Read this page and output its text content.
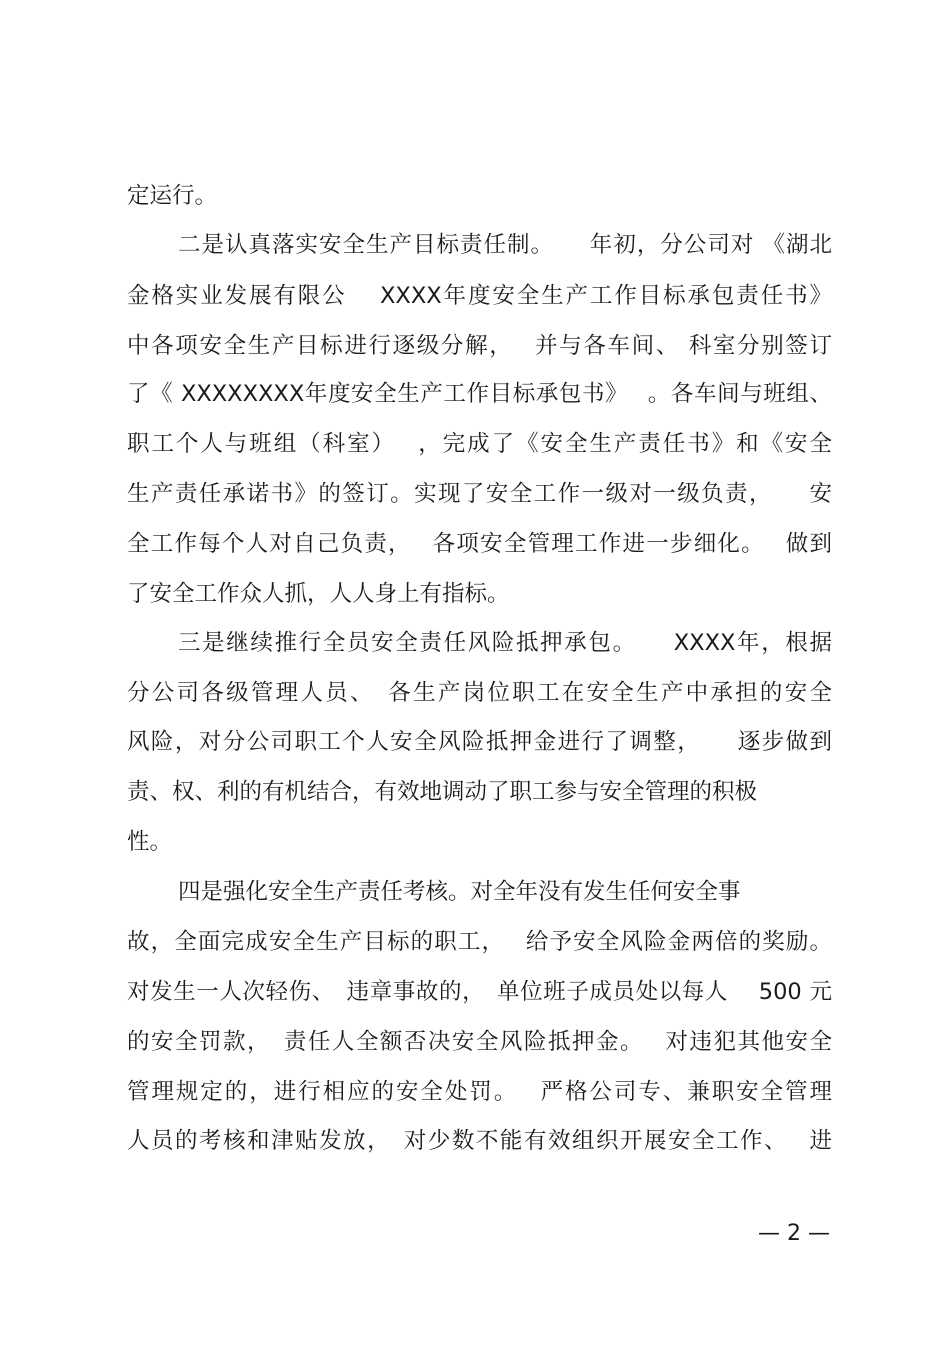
定运行。
二是认真落实安全生产目标责任制。　　年初，分公司对 《湖北
金格实业发展有限公　 XXXX年度安全生产工作目标承包责任书》
中各项安全生产目标进行逐级分解，　 并与各车间、 科室分别签订
了《 XXXXXXXX年度安全生产工作目标承包书》　 。各车间与班组、
职工个人与班组（科室）　 ，完成了《安全生产责任书》和《安全
生产责任承诺书》的签订。实现了安全工作一级对一级负责，　　安
全工作每个人对自己负责，　 各项安全管理工作进一步细化。　 做到
了安全工作众人抓，人人身上有指标。
三是继续推行全员安全责任风险抵押承包。　　XXXX年，根据
分公司各级管理人员、　各生产岗位职工在安全生产中承担的安全
风险，对分公司职工个人安全风险抵押金进行了调整，　　逐步做到
责、权、利的有机结合，有效地调动了职工参与安全管理的积极
性。
四是强化安全生产责任考核。对全年没有发生任何安全事
故，全面完成安全生产目标的职工，　 给予安全风险金两倍的奖励。
对发生一人次轻伤、　违章事故的，　单位班子成员处以每人　 500 元
的安全罚款，　责任人全额否决安全风险抵押金。　 对违犯其他安全
管理规定的，进行相应的安全处罚。　 严格公司专、兼职安全管理
人员的考核和津贴发放，　对少数不能有效组织开展安全工作、　 进
— 2 —
